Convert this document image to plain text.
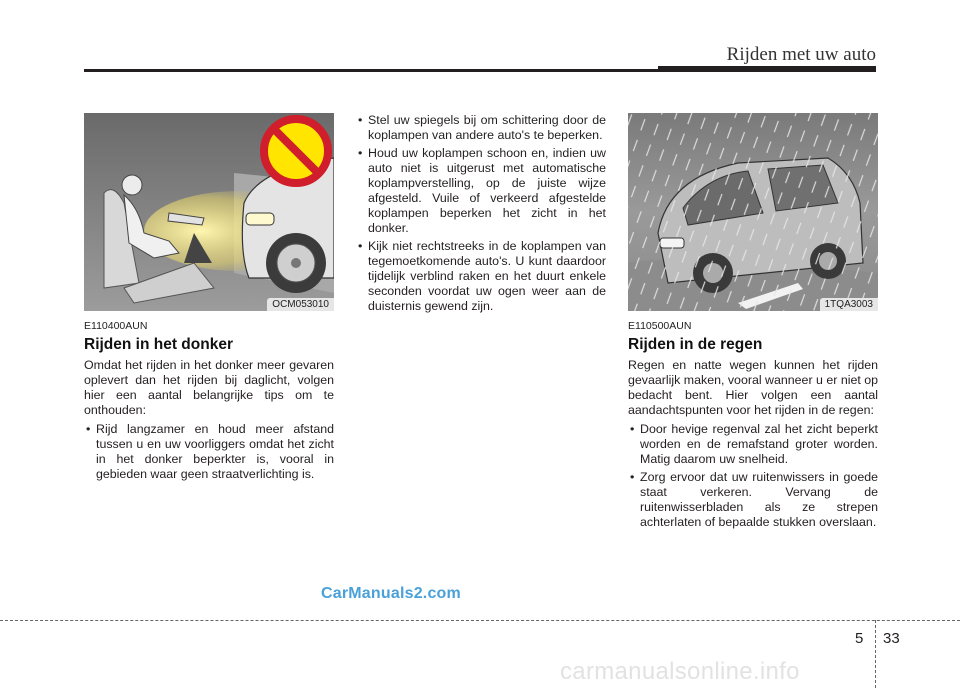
Rijden met uw auto
OCM053010
E110400AUN
Rijden in het donker

Omdat het rijden in het donker meer gevaren oplevert dan het rijden bij daglicht, volgen hier een aantal belangrijke tips om te onthouden:

• Rijd langzamer en houd meer afstand tussen u en uw voorliggers omdat het zicht in het donker beperkter is, vooral in gebieden waar geen straatverlichting is.
• Stel uw spiegels bij om schittering door de koplampen van andere auto's te beperken.
• Houd uw koplampen schoon en, indien uw auto niet is uitgerust met automatische koplampverstelling, op de juiste wijze afgesteld. Vuile of verkeerd afgestelde koplampen beperken het zicht in het donker.
• Kijk niet rechtstreeks in de koplampen van tegemoetkomende auto's. U kunt daardoor tijdelijk verblind raken en het duurt enkele seconden voordat uw ogen weer aan de duisternis gewend zijn.	1TQA3003
E110500AUN
Rijden in de regen

Regen en natte wegen kunnen het rijden gevaarlijk maken, vooral wanneer u er niet op bedacht bent. Hier volgen een aantal aandachtspunten voor het rijden in de regen:

• Door hevige regenval zal het zicht beperkt worden en de remafstand groter worden. Matig daarom uw snelheid.
• Zorg ervoor dat uw ruitenwissers in goede staat verkeren. Vervang de ruitenwisserbladen als ze strepen achterlaten of bepaalde stukken overslaan.
CarManuals2.com
5 33
carmanualsonline.info
